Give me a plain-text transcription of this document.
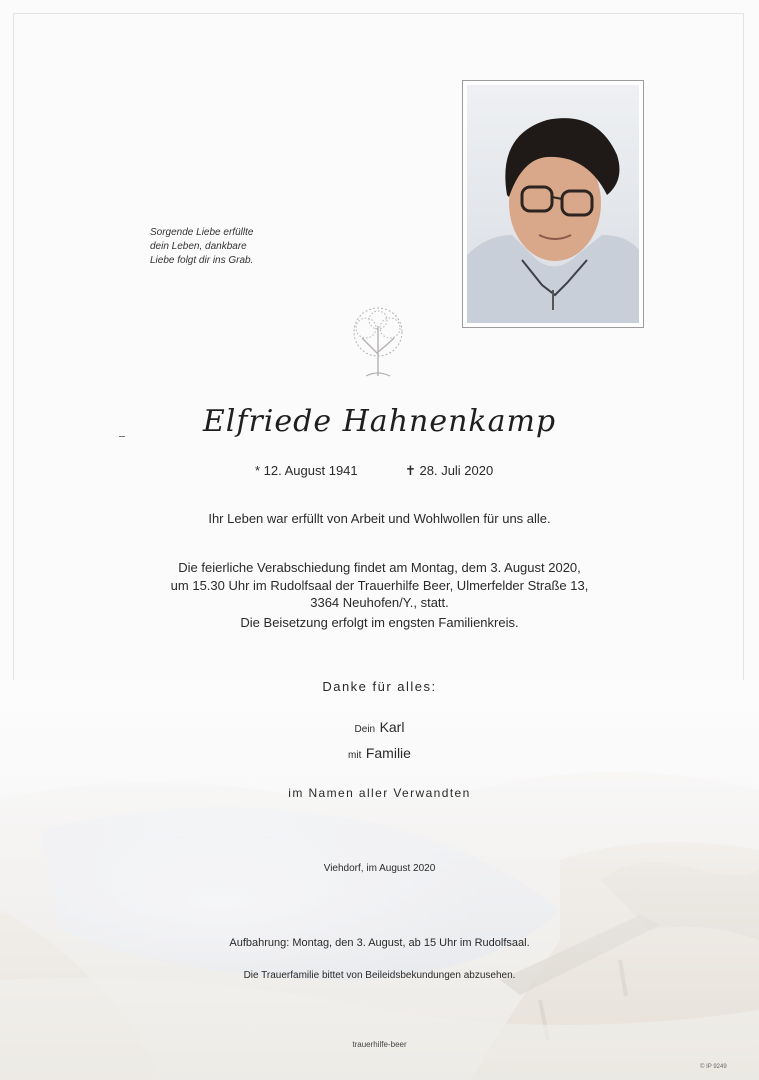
Sorgende Liebe erfüllte
dein Leben, dankbare
Liebe folgt dir ins Grab.
Elfriede Hahnenkamp
* 12. August 1941	✝ 28. Juli 2020
Ihr Leben war erfüllt von Arbeit und Wohlwollen für uns alle.
Die feierliche Verabschiedung findet am Montag, dem 3. August 2020,
um 15.30 Uhr im Rudolfsaal der Trauerhilfe Beer, Ulmerfelder Straße 13,
3364 Neuhofen/Y., statt.
Die Beisetzung erfolgt im engsten Familienkreis.
Danke für alles:
Dein Karl
mit Familie
im Namen aller Verwandten
Viehdorf, im August 2020
Aufbahrung: Montag, den 3. August, ab 15 Uhr im Rudolfsaal.
Die Trauerfamilie bittet von Beileidsbekundungen abzusehen.
trauerhilfe-beer
© IP 9249
